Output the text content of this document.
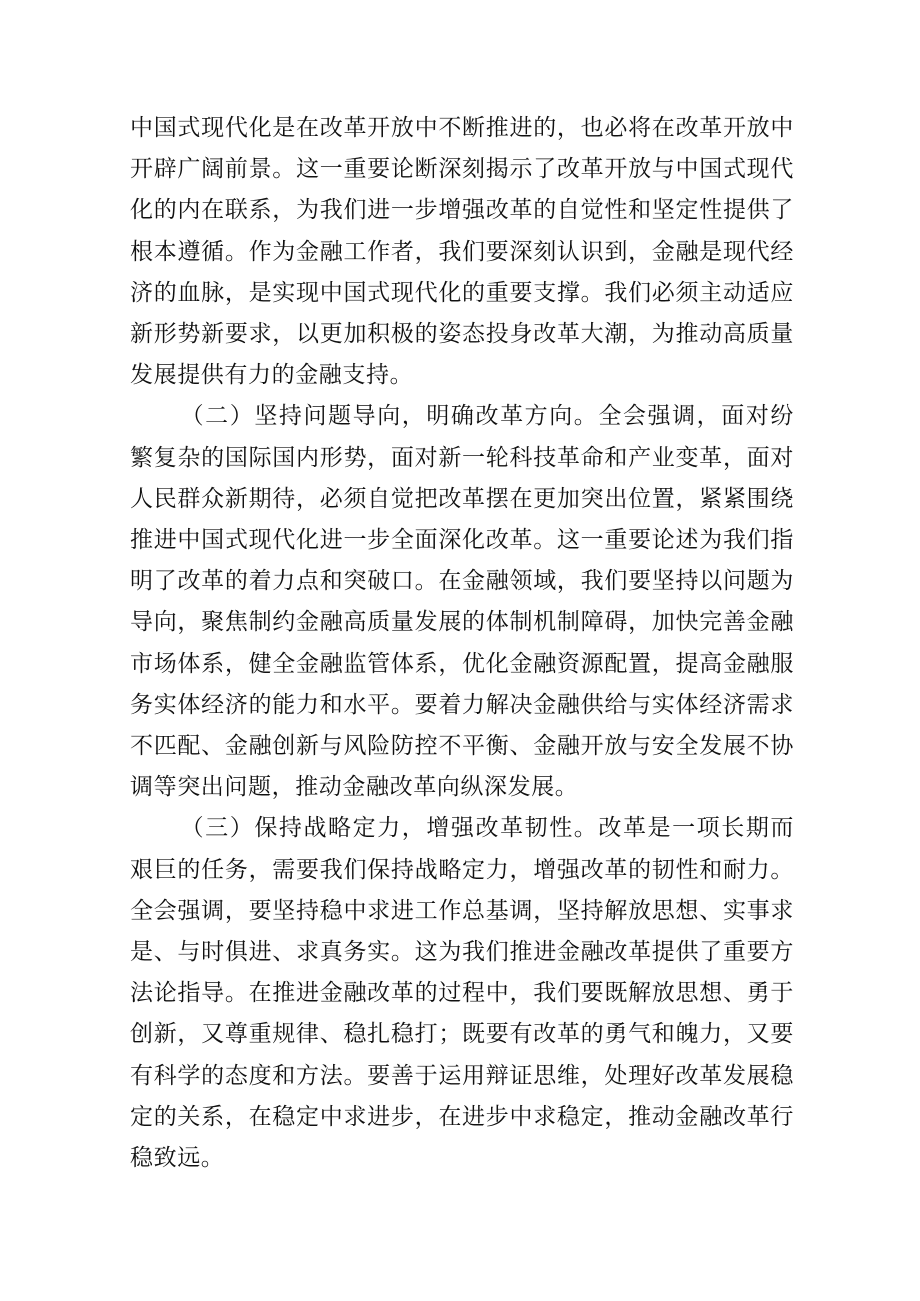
中国式现代化是在改革开放中不断推进的，也必将在改革开放中开辟广阔前景。这一重要论断深刻揭示了改革开放与中国式现代化的内在联系，为我们进一步增强改革的自觉性和坚定性提供了根本遵循。作为金融工作者，我们要深刻认识到，金融是现代经济的血脉，是实现中国式现代化的重要支撑。我们必须主动适应新形势新要求，以更加积极的姿态投身改革大潮，为推动高质量发展提供有力的金融支持。

（二）坚持问题导向，明确改革方向。全会强调，面对纷繁复杂的国际国内形势，面对新一轮科技革命和产业变革，面对人民群众新期待，必须自觉把改革摆在更加突出位置，紧紧围绕推进中国式现代化进一步全面深化改革。这一重要论述为我们指明了改革的着力点和突破口。在金融领域，我们要坚持以问题为导向，聚焦制约金融高质量发展的体制机制障碍，加快完善金融市场体系，健全金融监管体系，优化金融资源配置，提高金融服务实体经济的能力和水平。要着力解决金融供给与实体经济需求不匹配、金融创新与风险防控不平衡、金融开放与安全发展不协调等突出问题，推动金融改革向纵深发展。

（三）保持战略定力，增强改革韧性。改革是一项长期而艰巨的任务，需要我们保持战略定力，增强改革的韧性和耐力。全会强调，要坚持稳中求进工作总基调，坚持解放思想、实事求是、与时俱进、求真务实。这为我们推进金融改革提供了重要方法论指导。在推进金融改革的过程中，我们要既解放思想、勇于创新，又尊重规律、稳扎稳打；既要有改革的勇气和魄力，又要有科学的态度和方法。要善于运用辩证思维，处理好改革发展稳定的关系，在稳定中求进步，在进步中求稳定，推动金融改革行稳致远。
